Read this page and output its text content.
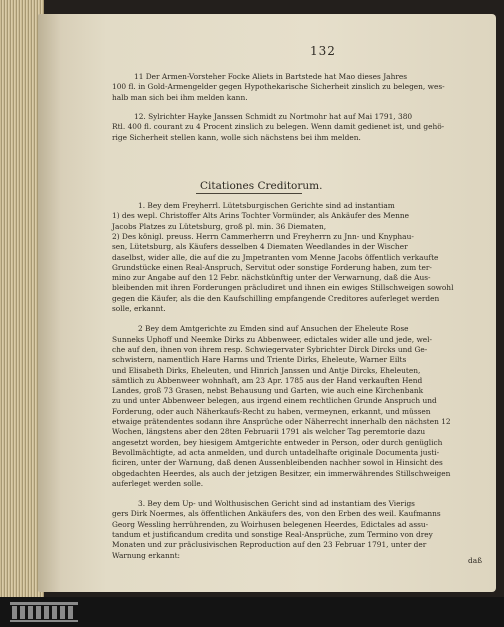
132
11 Der Armen-Vorsteher Focke Aliets in Bartstede hat Mao dieses Jahres
100 fl. in Gold-Armengelder gegen Hypothekarische Sicherheit zinslich zu belegen, wes-
halb man sich bei ihm melden kann.
12. Sylrichter Hayke Janssen Schmidt zu Nortmohr hat auf Mai 1791, 380
Rtl. 400 fl. courant zu 4 Procent zinslich zu belegen. Wenn damit gedienet ist, und gehö-
rige Sicherheit stellen kann, wolle sich nächstens bei ihm melden.
Citationes Creditorum.
1. Bey dem Freyherrl. Lütetsburgischen Gerichte sind ad instantiam
1) des wepl. Christoffer Alts Arins Tochter Vormünder, als Ankäufer des Menne
Jacobs Platzes zu Lütetsburg, groß pl. min. 36 Diematen,
2) Des königl. preuss. Herrn Cammerherrn und Freyherrn zu Jnn- und Knyphau-
sen, Lütetsburg, als Käufers desselben 4 Diematen Weedlandes in der Wischer
daselbst, wider alle, die auf die zu Jmpetranten vom Menne Jacobs öffentlich verkaufte
Grundstücke einen Real-Anspruch, Servitut oder sonstige Forderung haben, zum ter-
mino zur Angabe auf den 12 Febr. nächstkünftig unter der Verwarnung, daß die Aus-
bleibenden mit ihren Forderungen präcludiret und ihnen ein ewiges Stillschweigen sowohl
gegen die Käufer, als die den Kaufschilling empfangende Creditores auferleget werden
solle, erkannt.
2 Bey dem Amtgerichte zu Emden sind auf Ansuchen der Eheleute Rose
Sunneks Uphoff und Neemke Dirks zu Abbenweer, edictales wider alle und jede, wel-
che auf den, ihnen von ihrem resp. Schwiegervater Sybrichter Dirck Dircks und Ge-
schwistern, namentlich Hare Harms und Triente Dirks, Eheleute, Warner Eilts
und Elisabeth Dirks, Eheleuten, und Hinrich Janssen und Antje Dircks, Eheleuten,
sämtlich zu Abbenweer wohnhaft, am 23 Apr. 1785 aus der Hand verkauften Hend
Landes, groß 73 Grasen, nebst Behausung und Garten, wie auch eine Kirchenbank
zu und unter Abbenweer belegen, aus irgend einem rechtlichen Grunde Anspruch und
Forderung, oder auch Näherkaufs-Recht zu haben, vermeynen, erkannt, und müssen
etwaige prätendentes sodann ihre Ansprüche oder Näherrecht innerhalb den nächsten 12
Wochen, längstens aber den 28ten Februarii 1791 als welcher Tag peremtorie dazu
angesetzt worden, bey hiesigem Amtgerichte entweder in Person, oder durch genüglich
Bevollmächtigte, ad acta anmelden, und durch untadelhafte originale Documenta justi-
ficiren, unter der Warnung, daß denen Aussenbleibenden nachher sowol in Hinsicht des
obgedachten Heerdes, als auch der jetzigen Besitzer, ein immerwährendes Stillschweigen
auferleget werden solle.
3. Bey dem Up- und Wolthusischen Gericht sind ad instantiam des Vierigs
gers Dirk Noermes, als öffentlichen Ankäufers des, von den Erben des weil. Kaufmanns
Georg Wessling herrührenden, zu Woirhusen belegenen Heerdes, Edictales ad assu-
tandum et justificandum credita und sonstige Real-Ansprüche, zum Termino von drey
Monaten und zur präclusivischen Reproduction auf den 23 Februar 1791, unter der
Warnung erkannt:
daß
